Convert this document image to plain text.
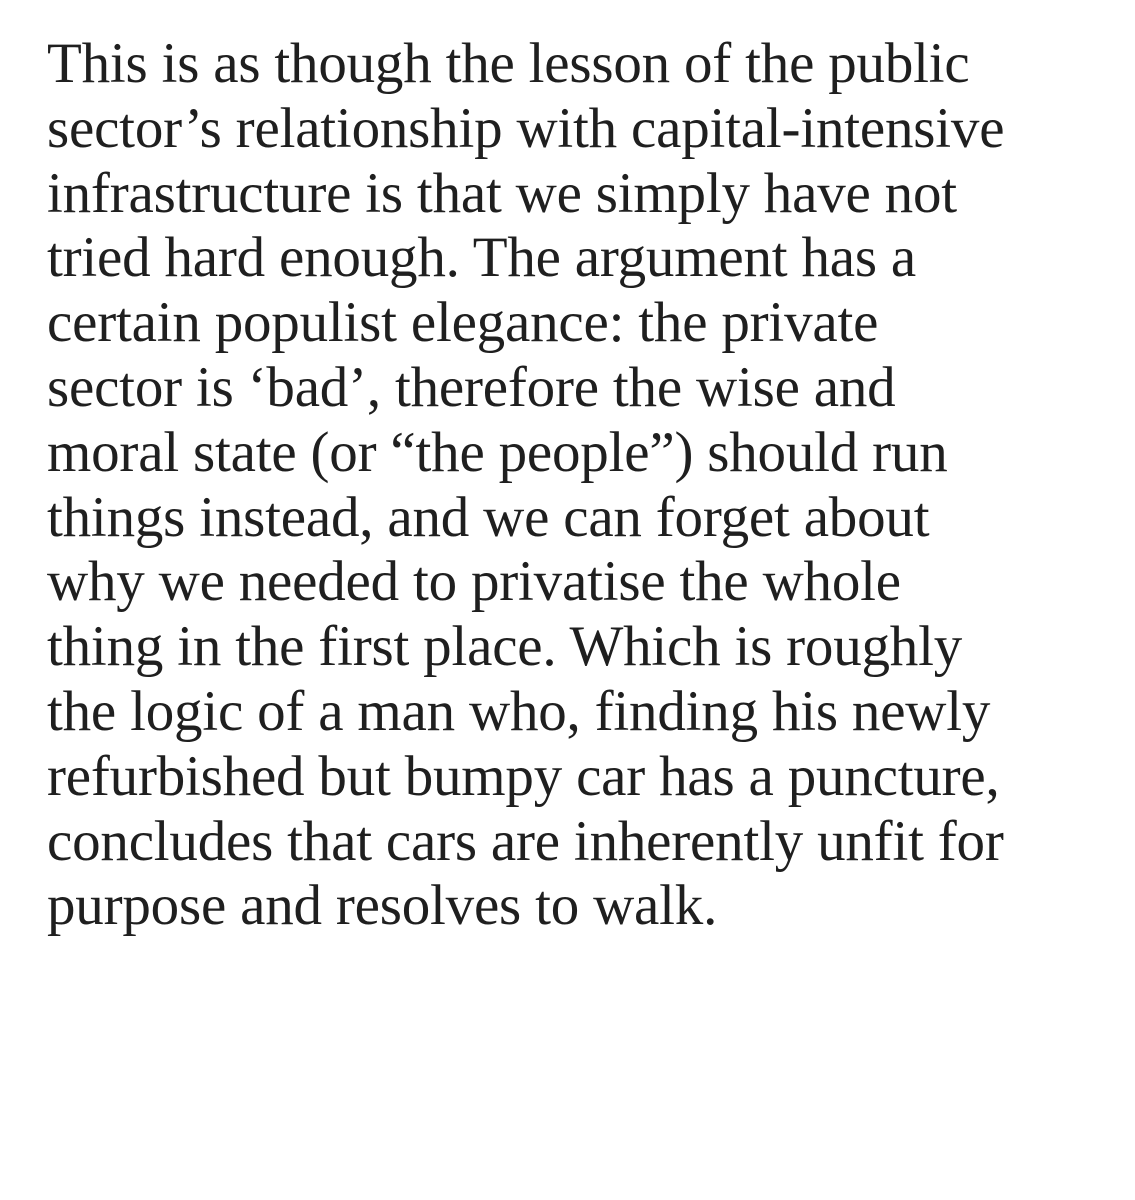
This is as though the lesson of the public
sector’s relationship with capital-intensive
infrastructure is that we simply have not
tried hard enough. The argument has a
certain populist elegance: the private
sector is ‘bad’, therefore the wise and
moral state (or “the people”) should run
things instead, and we can forget about
why we needed to privatise the whole
thing in the first place. Which is roughly
the logic of a man who, finding his newly
refurbished but bumpy car has a puncture,
concludes that cars are inherently unfit for
purpose and resolves to walk.
